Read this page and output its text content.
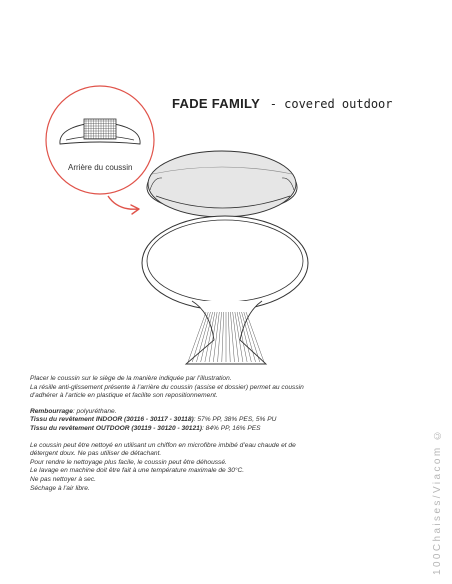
FADE FAMILY - covered outdoor
Arrière du coussin
100Chaises/Viacom ©

Placer le coussin sur le siège de la manière indiquée par l’illustration.

La résille anti-glissement présente à l’arrière du coussin (assise et dossier) permet au coussin

d’adhérer à l’article en plastique et facilite son repositionnement.

Rembourrage: polyuréthane.

Tissu du revêtement INDOOR (30116 - 30117 - 30118): 57% PP, 38% PES, 5% PU

Tissu du revêtement OUTDOOR (30119 - 30120 - 30121): 84% PP, 16% PES

Le coussin peut être nettoyé en utilisant un chiffon en microfibre imbibé d’eau chaude et de

détergent doux. Ne pas utiliser de détachant.

Pour rendre le nettoyage plus facile, le coussin peut être déhoussé.

Le lavage en machine doit être fait à une température maximale de 30°C.

Ne pas nettoyer à sec.

Séchage à l’air libre.
